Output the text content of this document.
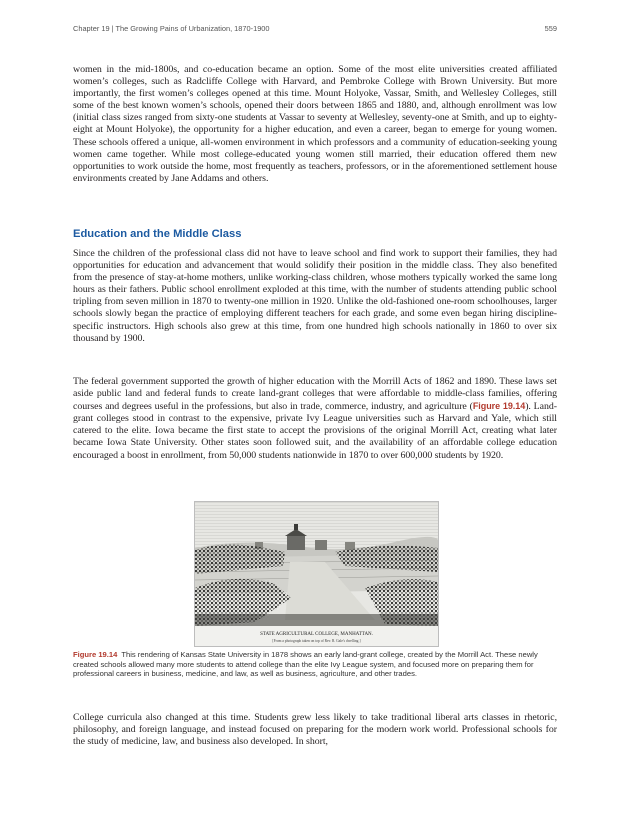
Chapter 19 | The Growing Pains of Urbanization, 1870-1900	559

women in the mid-1800s, and co-education became an option. Some of the most elite universities created affiliated women’s colleges, such as Radcliffe College with Harvard, and Pembroke College with Brown University. But more importantly, the first women’s colleges opened at this time. Mount Holyoke, Vassar, Smith, and Wellesley Colleges, still some of the best known women’s schools, opened their doors between 1865 and 1880, and, although enrollment was low (initial class sizes ranged from sixty-one students at Vassar to seventy at Wellesley, seventy-one at Smith, and up to eighty-eight at Mount Holyoke), the opportunity for a higher education, and even a career, began to emerge for young women. These schools offered a unique, all-women environment in which professors and a community of education-seeking young women came together. While most college-educated young women still married, their education offered them new opportunities to work outside the home, most frequently as teachers, professors, or in the aforementioned settlement house environments created by Jane Addams and others.

Education and the Middle Class

Since the children of the professional class did not have to leave school and find work to support their families, they had opportunities for education and advancement that would solidify their position in the middle class. They also benefited from the presence of stay-at-home mothers, unlike working-class children, whose mothers typically worked the same long hours as their fathers. Public school enrollment exploded at this time, with the number of students attending public school tripling from seven million in 1870 to twenty-one million in 1920. Unlike the old-fashioned one-room schoolhouses, larger schools slowly began the practice of employing different teachers for each grade, and some even began hiring discipline-specific instructors. High schools also grew at this time, from one hundred high schools nationally in 1860 to over six thousand by 1900.

The federal government supported the growth of higher education with the Morrill Acts of 1862 and 1890. These laws set aside public land and federal funds to create land-grant colleges that were affordable to middle-class families, offering courses and degrees useful in the professions, but also in trade, commerce, industry, and agriculture (Figure 19.14). Land-grant colleges stood in contrast to the expensive, private Ivy League universities such as Harvard and Yale, which still catered to the elite. Iowa became the first state to accept the provisions of the original Morrill Act, creating what later became Iowa State University. Other states soon followed suit, and the availability of an affordable college education encouraged a boost in enrollment, from 50,000 students nationwide in 1870 to over 600,000 students by 1920.

STATE AGRICULTURAL COLLEGE, MANHATTAN.
[From a photograph taken on top of Rev. R. Gale's dwelling.]

Figure 19.14 This rendering of Kansas State University in 1878 shows an early land-grant college, created by the Morrill Act. These newly created schools allowed many more students to attend college than the elite Ivy League system, and focused more on preparing them for professional careers in business, medicine, and law, as well as business, agriculture, and other trades.

College curricula also changed at this time. Students grew less likely to take traditional liberal arts classes in rhetoric, philosophy, and foreign language, and instead focused on preparing for the modern work world. Professional schools for the study of medicine, law, and business also developed. In short,
